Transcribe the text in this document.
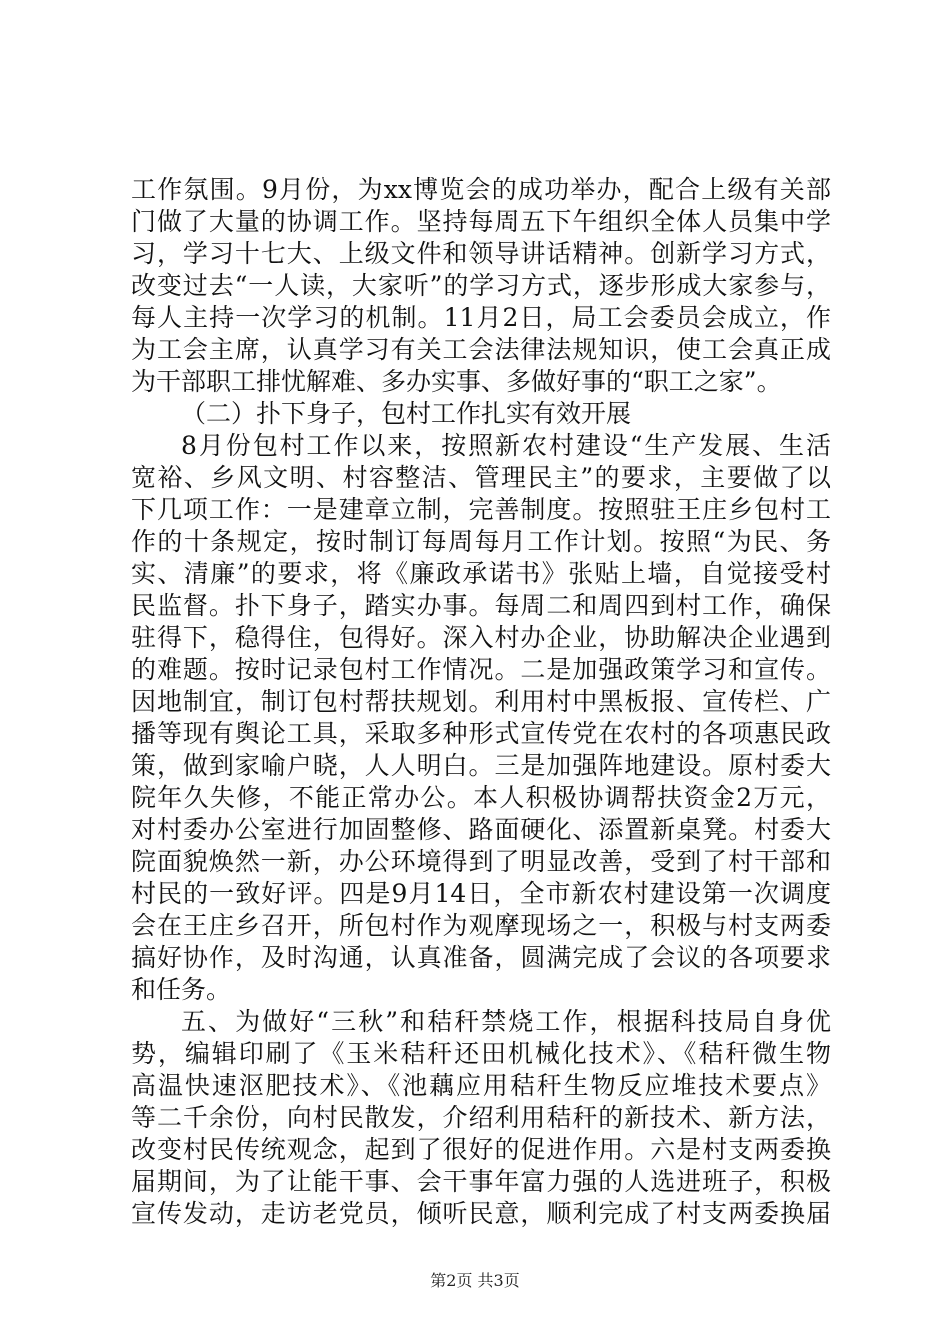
工作氛围。9月份，为xx博览会的成功举办，配合上级有关部
门做了大量的协调工作。坚持每周五下午组织全体人员集中学
习，学习十七大、上级文件和领导讲话精神。创新学习方式，
改变过去“一人读，大家听”的学习方式，逐步形成大家参与，
每人主持一次学习的机制。11月2日，局工会委员会成立，作
为工会主席，认真学习有关工会法律法规知识，使工会真正成
为干部职工排忧解难、多办实事、多做好事的“职工之家”。
（二）扑下身子，包村工作扎实有效开展
8月份包村工作以来，按照新农村建设“生产发展、生活
宽裕、乡风文明、村容整洁、管理民主”的要求，主要做了以
下几项工作：一是建章立制，完善制度。按照驻王庄乡包村工
作的十条规定，按时制订每周每月工作计划。按照“为民、务
实、清廉”的要求，将《廉政承诺书》张贴上墙，自觉接受村
民监督。扑下身子，踏实办事。每周二和周四到村工作，确保
驻得下，稳得住，包得好。深入村办企业，协助解决企业遇到
的难题。按时记录包村工作情况。二是加强政策学习和宣传。
因地制宜，制订包村帮扶规划。利用村中黑板报、宣传栏、广
播等现有舆论工具，采取多种形式宣传党在农村的各项惠民政
策，做到家喻户晓，人人明白。三是加强阵地建设。原村委大
院年久失修，不能正常办公。本人积极协调帮扶资金2万元，
对村委办公室进行加固整修、路面硬化、添置新桌凳。村委大
院面貌焕然一新，办公环境得到了明显改善，受到了村干部和
村民的一致好评。四是9月14日，全市新农村建设第一次调度
会在王庄乡召开，所包村作为观摩现场之一，积极与村支两委
搞好协作，及时沟通，认真准备，圆满完成了会议的各项要求
和任务。
五、为做好“三秋”和秸秆禁烧工作，根据科技局自身优
势，编辑印刷了《玉米秸秆还田机械化技术》、《秸秆微生物
高温快速沤肥技术》、《池藕应用秸秆生物反应堆技术要点》
等二千余份，向村民散发，介绍利用秸秆的新技术、新方法，
改变村民传统观念，起到了很好的促进作用。六是村支两委换
届期间，为了让能干事、会干事年富力强的人选进班子，积极
宣传发动，走访老党员，倾听民意，顺利完成了村支两委换届
第2页 共3页
